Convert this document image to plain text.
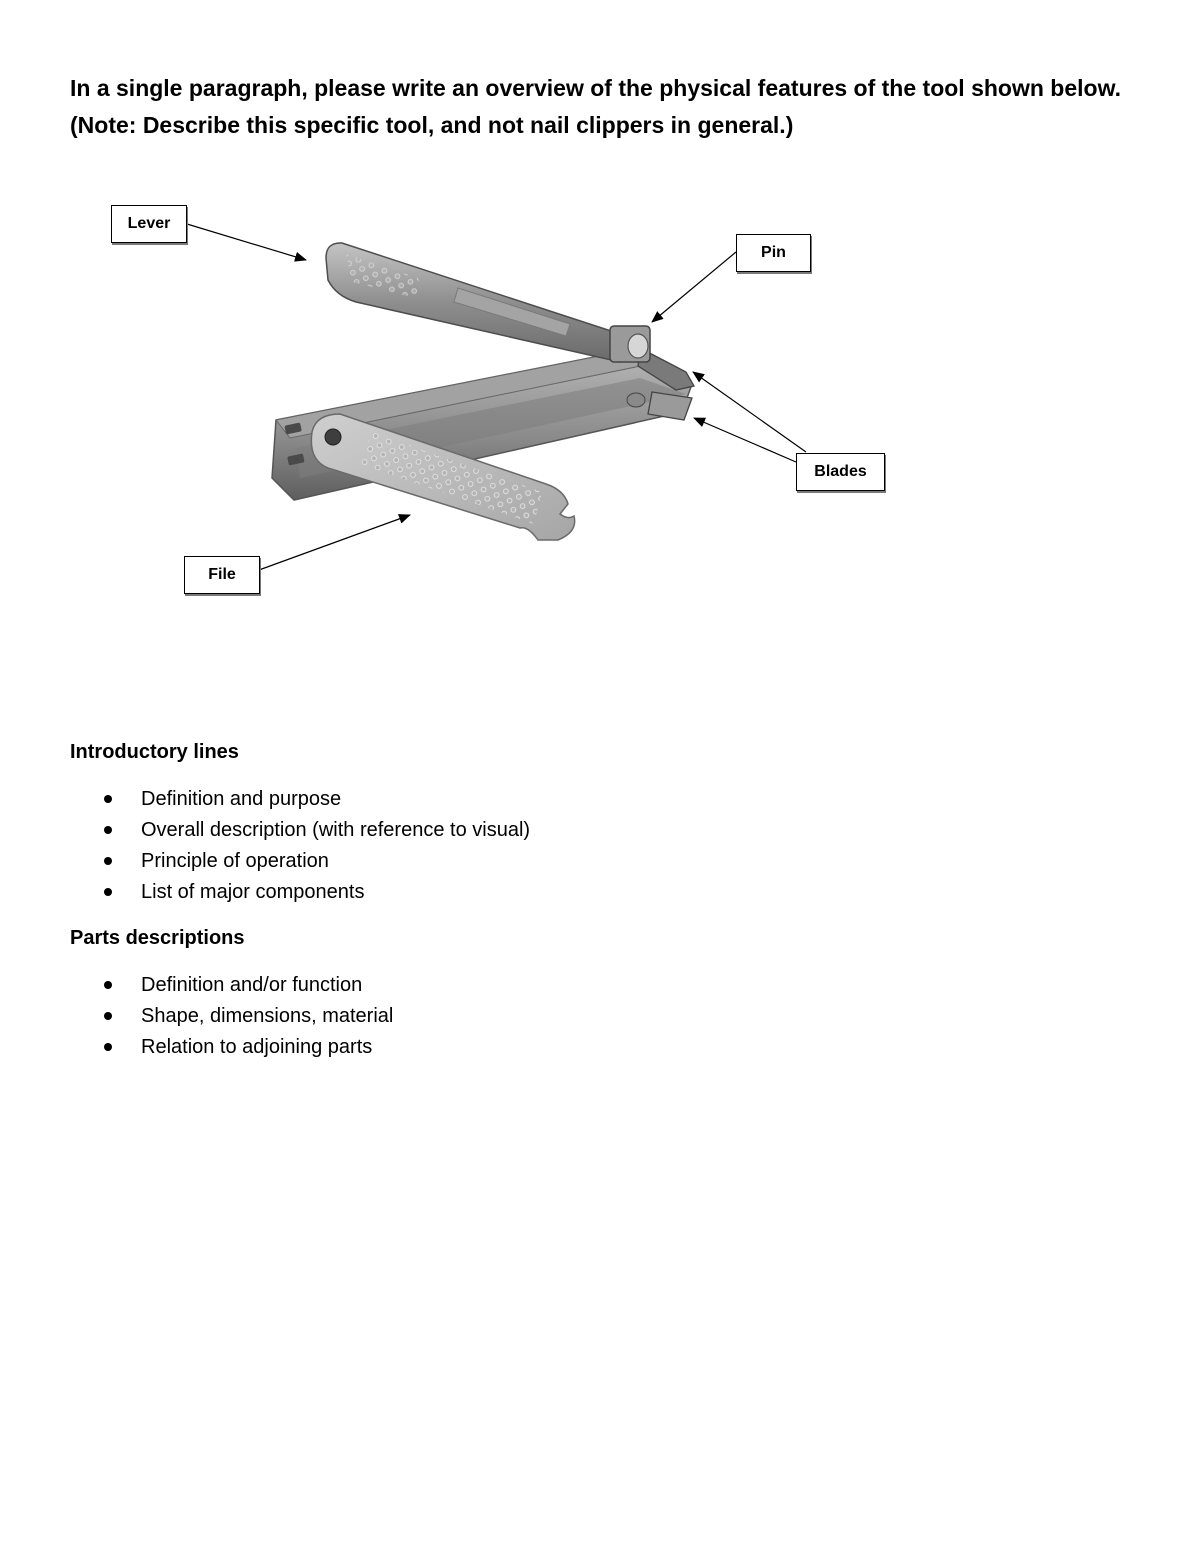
In a single paragraph, please write an overview of the physical features of the tool shown below. (Note: Describe this specific tool, and not nail clippers in general.)

Lever
Pin
Blades
File
Introductory lines
Definition and purpose
Overall description (with reference to visual)
Principle of operation
List of major components
Parts descriptions
Definition and/or function
Shape, dimensions, material
Relation to adjoining parts
